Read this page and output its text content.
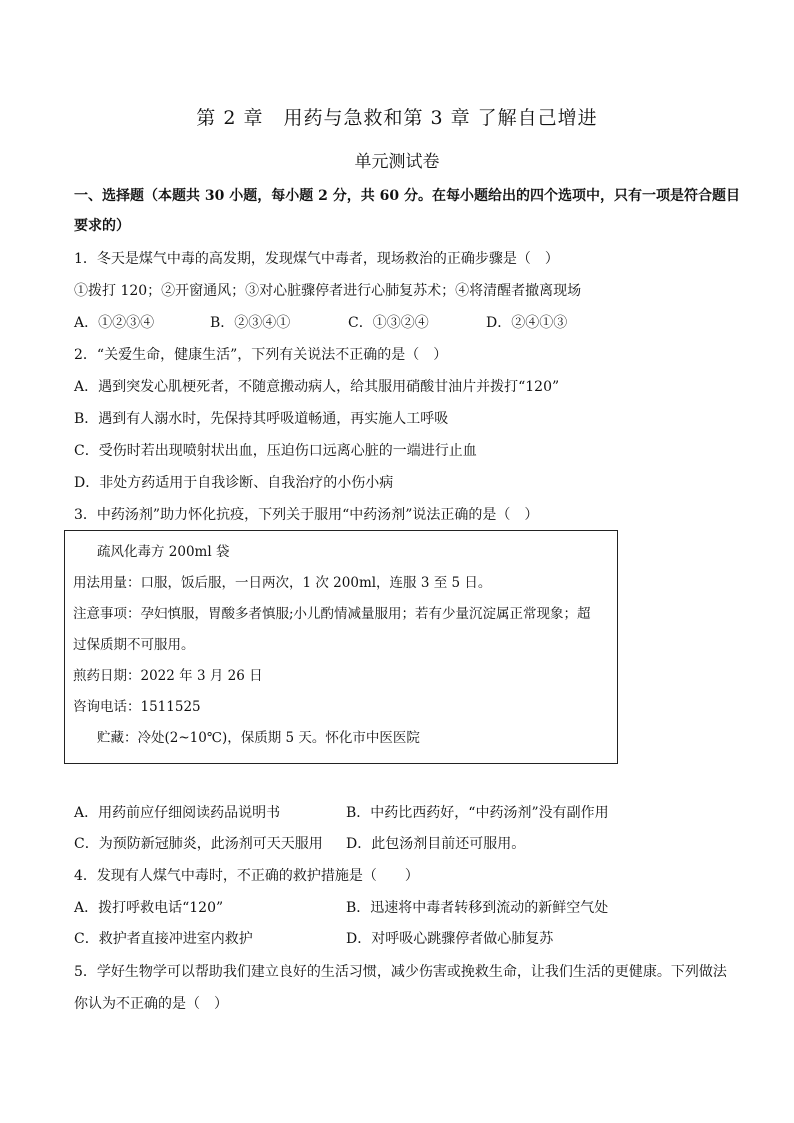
第 2 章　用药与急救和第 3 章 了解自己增进
单元测试卷
一、选择题（本题共 30 小题，每小题 2 分，共 60 分。在每小题给出的四个选项中，只有一项是符合题目
要求的）
1．冬天是煤气中毒的高发期，发现煤气中毒者，现场救治的正确步骤是（　）
①拨打 120；②开窗通风；③对心脏骤停者进行心肺复苏术；④将清醒者撤离现场
A．①②③④	B．②③④①	C．①③②④	D．②④①③
2．“关爱生命，健康生活”，下列有关说法不正确的是（　）
A．遇到突发心肌梗死者，不随意搬动病人，给其服用硝酸甘油片并拨打“120”
B．遇到有人溺水时，先保持其呼吸道畅通，再实施人工呼吸
C．受伤时若出现喷射状出血，压迫伤口远离心脏的一端进行止血
D．非处方药适用于自我诊断、自我治疗的小伤小病
3．中药汤剂”助力怀化抗疫，下列关于服用“中药汤剂”说法正确的是（　）
疏风化毒方 200ml 袋
用法用量：口服，饭后服，一日两次，1 次 200ml，连服 3 至 5 日。
注意事项：孕妇慎服，胃酸多者慎服;小儿酌情减量服用；若有少量沉淀属正常现象；超
过保质期不可服用。
煎药日期：2022 年 3 月 26 日
咨询电话：1511525
贮藏：冷处(2~10℃)，保质期 5 天。怀化市中医医院
A．用药前应仔细阅读药品说明书	B．中药比西药好，“中药汤剂”没有副作用
C．为预防新冠肺炎，此汤剂可天天服用 D．此包汤剂目前还可服用。
4．发现有人煤气中毒时，不正确的救护措施是（　　）
A．拨打呼救电话“120”	B．迅速将中毒者转移到流动的新鲜空气处
C．救护者直接冲进室内救护	D．对呼吸心跳骤停者做心肺复苏
5．学好生物学可以帮助我们建立良好的生活习惯，减少伤害或挽救生命，让我们生活的更健康。下列做法
你认为不正确的是（　）
